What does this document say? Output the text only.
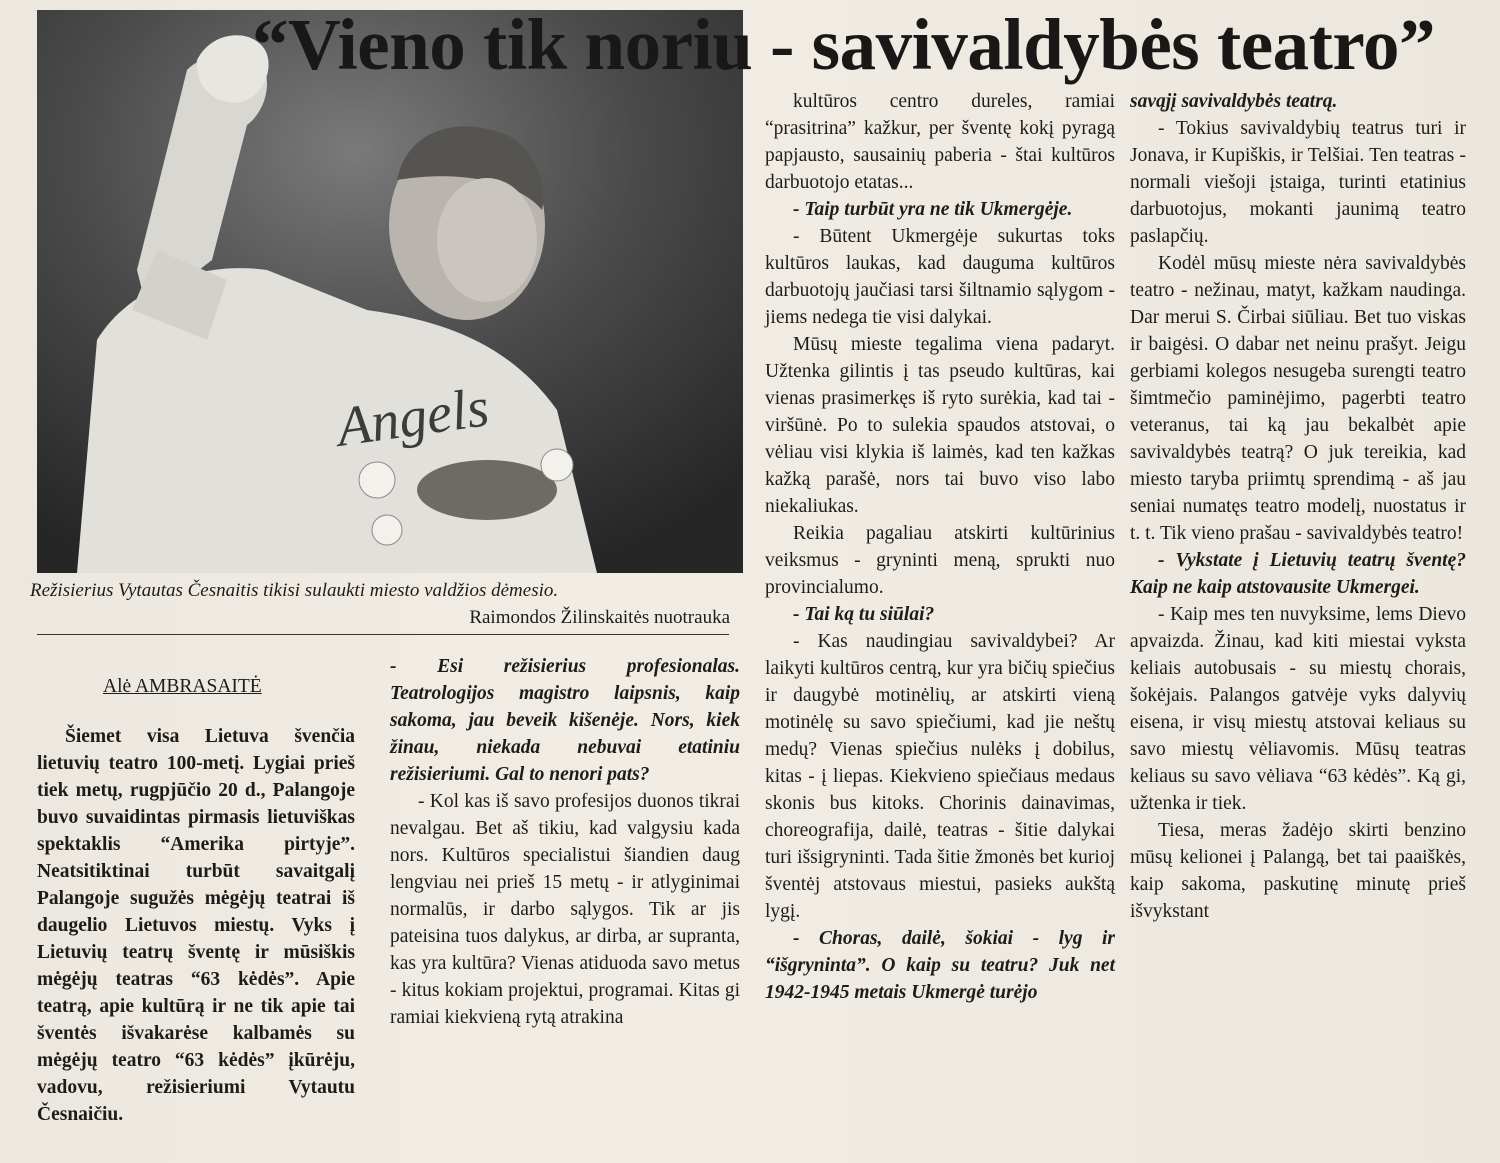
Angels
“Vieno tik noriu - savivaldybės teatro”
Režisierius Vytautas Česnaitis tikisi sulaukti miesto valdžios dėmesio.
Raimondos Žilinskaitės nuotrauka
Alė AMBRASAITĖ

Šiemet visa Lietuva švenčia lietuvių teatro 100-metį. Lygiai prieš tiek metų, rugpjūčio 20 d., Palangoje buvo suvaidintas pirmasis lietuviškas spektaklis “Amerika pirtyje”. Neatsitiktinai turbūt savaitgalį Palangoje sugužės mėgėjų teatrai iš daugelio Lietuvos miestų. Vyks į Lietuvių teatrų šventę ir mūsiškis mėgėjų teatras “63 kėdės”. Apie teatrą, apie kultūrą ir ne tik apie tai šventės išvakarėse kalbamės su mėgėjų teatro “63 kėdės” įkūrėju, vadovu, režisieriumi Vytautu Česnaičiu.

- Esi režisierius profesionalas. Teatrologijos magistro laipsnis, kaip sakoma, jau beveik kišenėje. Nors, kiek žinau, niekada nebuvai etatiniu režisieriumi. Gal to nenori pats?

- Kol kas iš savo profesijos duonos tikrai nevalgau. Bet aš tikiu, kad valgysiu kada nors. Kultūros specialistui šiandien daug lengviau nei prieš 15 metų - ir atlyginimai normalūs, ir darbo sąlygos. Tik ar jis pateisina tuos dalykus, ar dirba, ar supranta, kas yra kultūra? Vienas atiduoda savo metus - kitus kokiam projektui, programai. Kitas gi ramiai kiekvieną rytą atrakina

kultūros centro dureles, ramiai “prasitrina” kažkur, per šventę kokį pyragą papjausto, sausainių paberia - štai kultūros darbuotojo etatas...

- Taip turbūt yra ne tik Ukmergėje.

- Būtent Ukmergėje sukurtas toks kultūros laukas, kad dauguma kultūros darbuotojų jaučiasi tarsi šiltnamio sąlygom - jiems nedega tie visi dalykai.

Mūsų mieste tegalima viena padaryt. Užtenka gilintis į tas pseudo kultūras, kai vienas prasimerkęs iš ryto surėkia, kad tai - viršūnė. Po to sulekia spaudos atstovai, o vėliau visi klykia iš laimės, kad ten kažkas kažką parašė, nors tai buvo viso labo niekaliukas.

Reikia pagaliau atskirti kultūrinius veiksmus - gryninti meną, sprukti nuo provincialumo.

- Tai ką tu siūlai?

- Kas naudingiau savivaldybei? Ar laikyti kultūros centrą, kur yra bičių spiečius ir daugybė motinėlių, ar atskirti vieną motinėlę su savo spiečiumi, kad jie neštų medų? Vienas spiečius nulėks į dobilus, kitas - į liepas. Kiekvieno spiečiaus medaus skonis bus kitoks. Chorinis dainavimas, choreografija, dailė, teatras - šitie dalykai turi išsigryninti. Tada šitie žmonės bet kurioj šventėj atstovaus miestui, pasieks aukštą lygį.

- Choras, dailė, šokiai - lyg ir “išgryninta”. O kaip su teatru? Juk net 1942-1945 metais Ukmergė turėjo

savąjį savivaldybės teatrą.

- Tokius savivaldybių teatrus turi ir Jonava, ir Kupiškis, ir Telšiai. Ten teatras - normali viešoji įstaiga, turinti etatinius darbuotojus, mokanti jaunimą teatro paslapčių.

Kodėl mūsų mieste nėra savivaldybės teatro - nežinau, matyt, kažkam naudinga. Dar merui S. Čirbai siūliau. Bet tuo viskas ir baigėsi. O dabar net neinu prašyt. Jeigu gerbiami kolegos nesugeba surengti teatro šimtmečio paminėjimo, pagerbti teatro veteranus, tai ką jau bekalbėt apie savivaldybės teatrą? O juk tereikia, kad miesto taryba priimtų sprendimą - aš jau seniai numatęs teatro modelį, nuostatus ir t. t. Tik vieno prašau - savivaldybės teatro!

- Vykstate į Lietuvių teatrų šventę? Kaip ne kaip atstovausite Ukmergei.

- Kaip mes ten nuvyksime, lems Dievo apvaizda. Žinau, kad kiti miestai vyksta keliais autobusais - su miestų chorais, šokėjais. Palangos gatvėje vyks dalyvių eisena, ir visų miestų atstovai keliaus su savo miestų vėliavomis. Mūsų teatras keliaus su savo vėliava “63 kėdės”. Ką gi, užtenka ir tiek.

Tiesa, meras žadėjo skirti benzino mūsų kelionei į Palangą, bet tai paaiškės, kaip sakoma, paskutinę minutę prieš išvykstant
